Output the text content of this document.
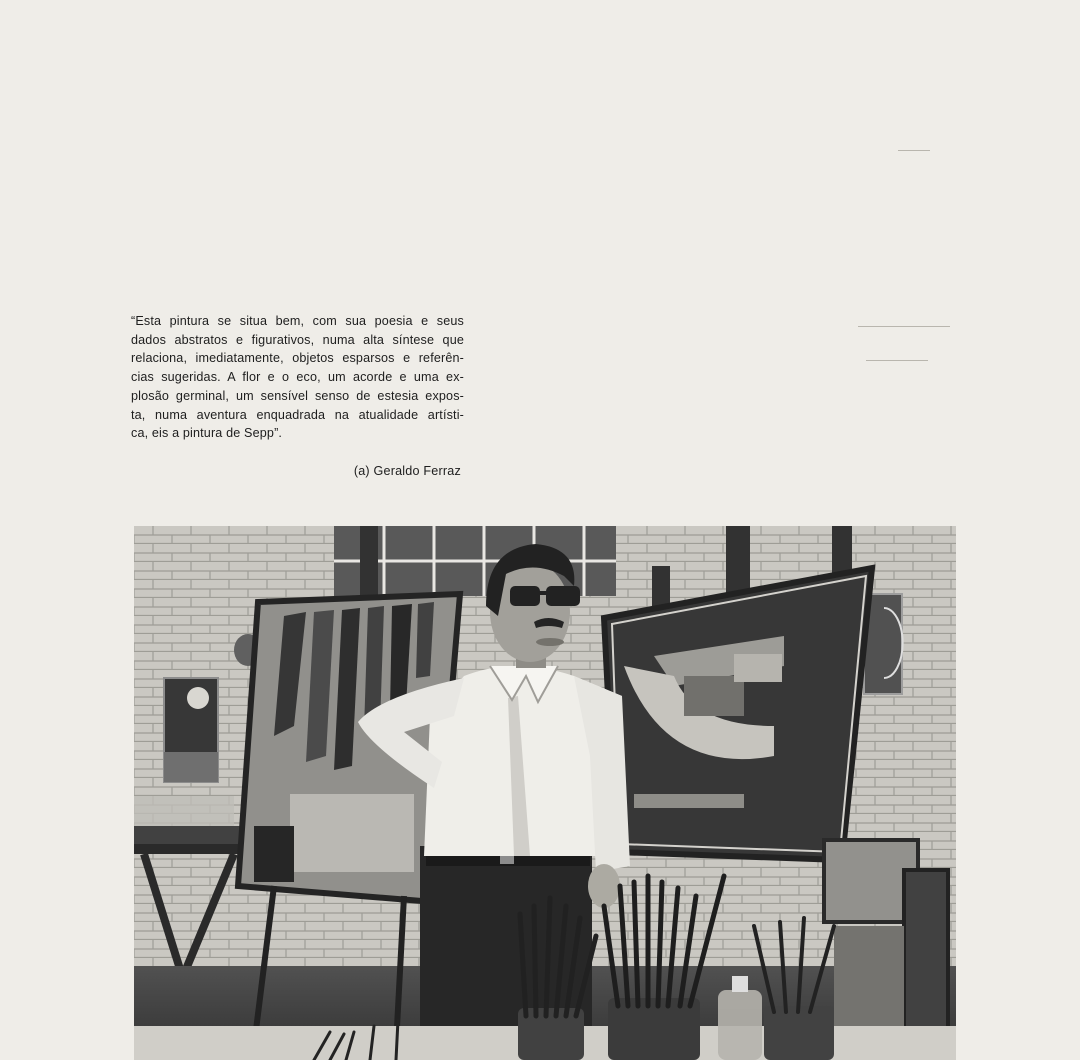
“Esta pintura se situa bem, com sua poesia e seus
dados abstratos e figurativos, numa alta síntese que
relaciona, imediatamente, objetos esparsos e referên-
cias sugeridas. A flor e o eco, um acorde e uma ex-
plosão germinal, um sensível senso de estesia expos-
ta, numa aventura enquadrada na atualidade artísti-
ca, eis a pintura de Sepp”.
(a) Geraldo Ferraz
